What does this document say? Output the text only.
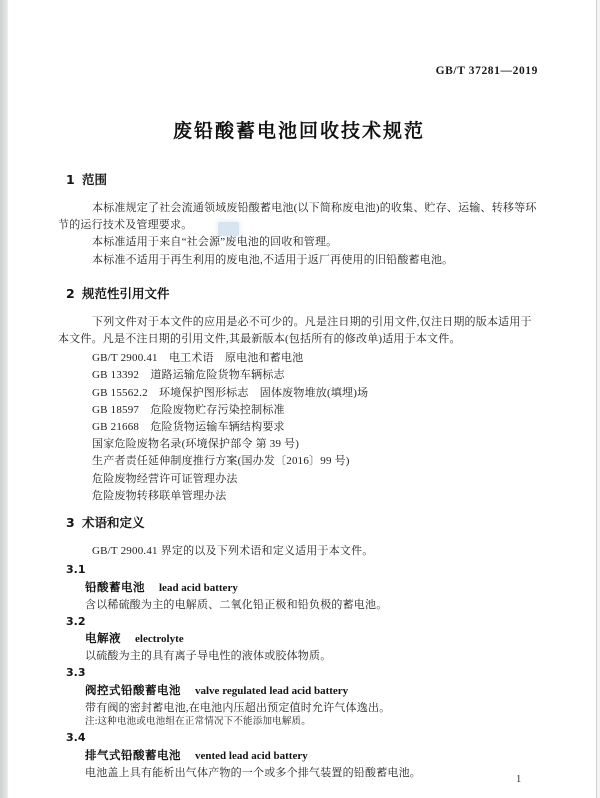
GB/T 37281—2019
废铅酸蓄电池回收技术规范
1 范围

本标准规定了社会流通领域废铅酸蓄电池(以下简称废电池)的收集、贮存、运输、转移等环节的运行技术及管理要求。

本标准适用于来自“社会源”废电池的回收和管理。

本标准不适用于再生利用的废电池,不适用于返厂再使用的旧铅酸蓄电池。

2 规范性引用文件

下列文件对于本文件的应用是必不可少的。凡是注日期的引用文件,仅注日期的版本适用于本文件。凡是不注日期的引用文件,其最新版本(包括所有的修改单)适用于本文件。

GB/T 2900.41　电工术语　原电池和蓄电池
GB 13392　道路运输危险货物车辆标志
GB 15562.2　环境保护图形标志　固体废物堆放(填埋)场
GB 18597　危险废物贮存污染控制标准
GB 21668　危险货物运输车辆结构要求
国家危险废物名录(环境保护部令 第 39 号)
生产者责任延伸制度推行方案(国办发〔2016〕99 号)
危险废物经营许可证管理办法
危险废物转移联单管理办法
3 术语和定义

GB/T 2900.41 界定的以及下列术语和定义适用于本文件。

3.1
铅酸蓄电池 lead acid battery
含以稀硫酸为主的电解质、二氧化铅正极和铅负极的蓄电池。
3.2
电解液 electrolyte
以硫酸为主的具有离子导电性的液体或胶体物质。
3.3
阀控式铅酸蓄电池 valve regulated lead acid battery
带有阀的密封蓄电池,在电池内压超出预定值时允许气体逸出。
注:这种电池或电池组在正常情况下不能添加电解质。
3.4
排气式铅酸蓄电池 vented lead acid battery
电池盖上具有能析出气体产物的一个或多个排气装置的铅酸蓄电池。
1
